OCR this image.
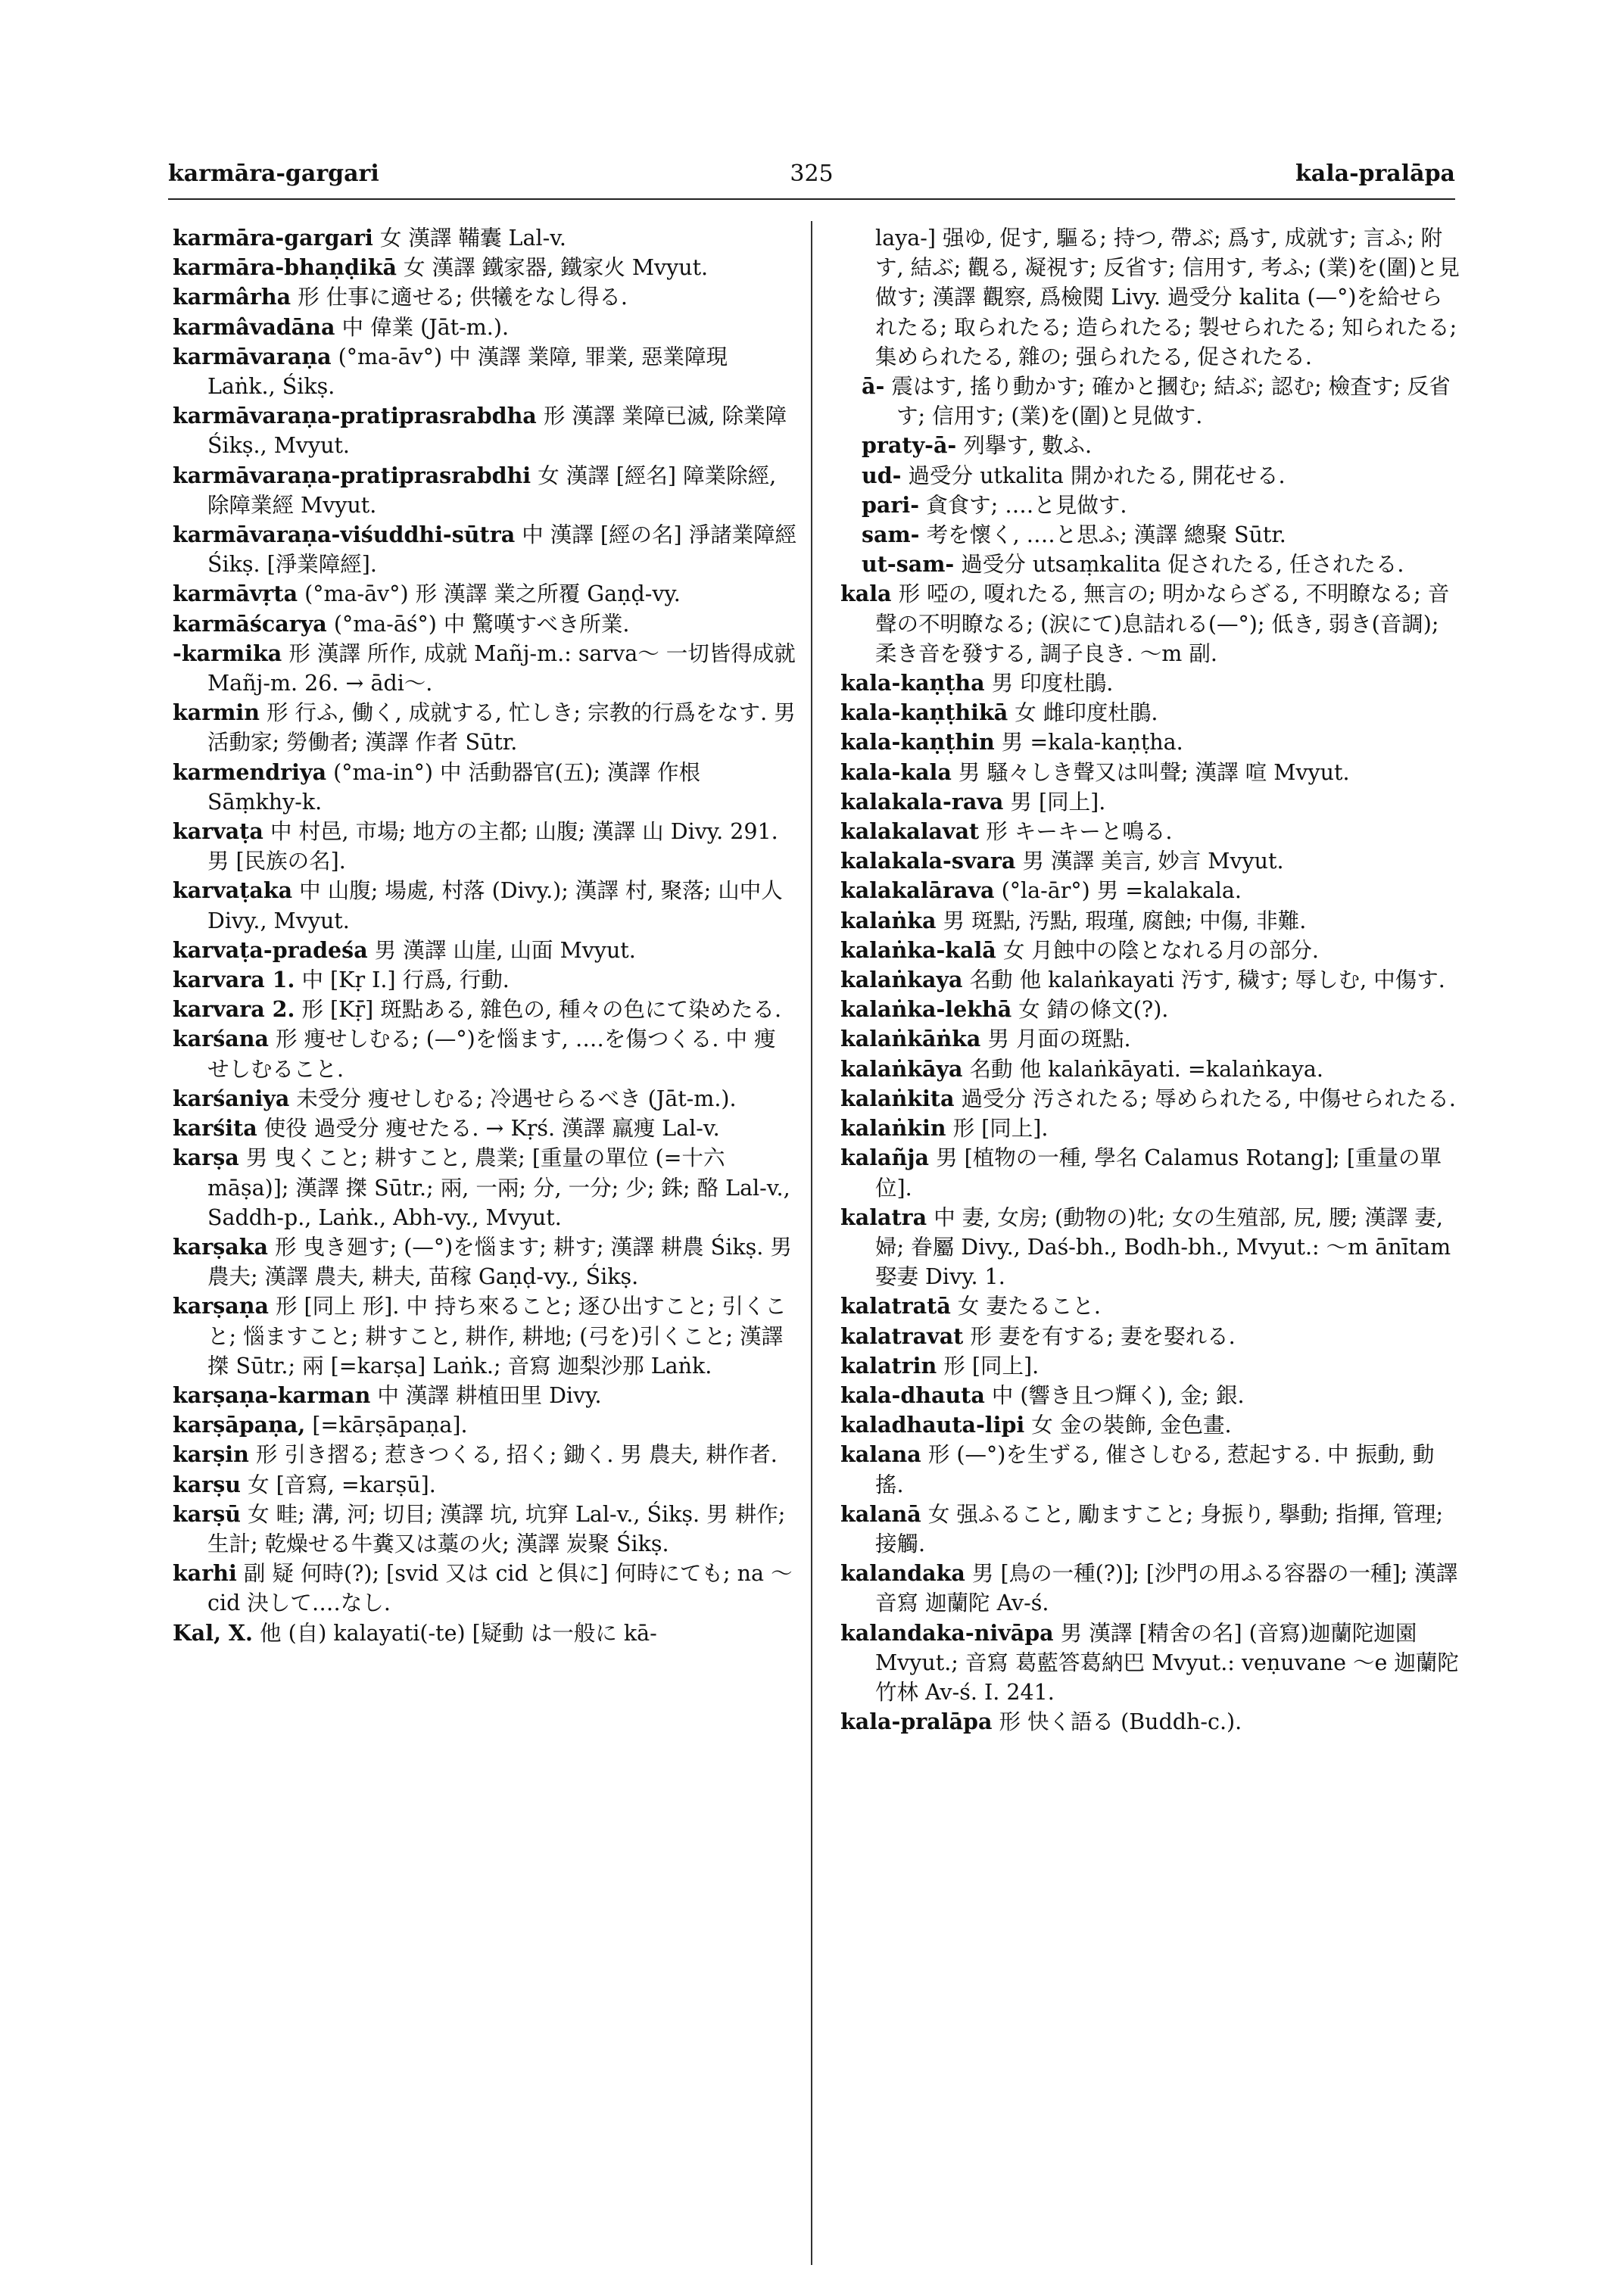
karmāra-gargari	325	kala-pralāpa

karmāra-gargari 女 漢譯 鞴囊 Lal-v.

karmāra-bhaṇḍikā 女 漢譯 鐵家器, 鐵家火 Mvyut.

karmârha 形 仕事に適せる; 供犧をなし得る.

karmâvadāna 中 偉業 (Jāt-m.).

karmāvaraṇa (°ma-āv°) 中 漢譯 業障, 罪業, 惡業障現 Laṅk., Śikṣ.

karmāvaraṇa-pratiprasrabdha 形 漢譯 業障已滅, 除業障 Śikṣ., Mvyut.

karmāvaraṇa-pratiprasrabdhi 女 漢譯 [經名] 障業除經, 除障業經 Mvyut.

karmāvaraṇa-viśuddhi-sūtra 中 漢譯 [經の名] 淨諸業障經 Śikṣ. [淨業障經].

karmāvṛta (°ma-āv°) 形 漢譯 業之所覆 Gaṇḍ-vy.

karmāścarya (°ma-āś°) 中 驚嘆すべき所業.

-karmika 形 漢譯 所作, 成就 Mañj-m.: sarva〜 一切皆得成就 Mañj-m. 26. → ādi〜.

karmin 形 行ふ, 働く, 成就する, 忙しき; 宗教的行爲をなす. 男 活動家; 勞働者; 漢譯 作者 Sūtr.

karmendriya (°ma-in°) 中 活動器官(五); 漢譯 作根 Sāṃkhy-k.

karvaṭa 中 村邑, 市場; 地方の主都; 山腹; 漢譯 山 Divy. 291. 男 [民族の名].

karvaṭaka 中 山腹; 場處, 村落 (Divy.); 漢譯 村, 聚落; 山中人 Divy., Mvyut.

karvaṭa-pradeśa 男 漢譯 山崖, 山面 Mvyut.

karvara 1. 中 [Kṛ I.] 行爲, 行動.

karvara 2. 形 [Kṝ] 斑點ある, 雜色の, 種々の色にて染めたる.

karśana 形 痩せしむる; (—°)を惱ます, ‥‥を傷つくる. 中 痩せしむること.

karśaniya 未受分 痩せしむる; 冷遇せらるべき (Jāt-m.).

karśita 使役 過受分 痩せたる. → Kṛś. 漢譯 羸痩 Lal-v.

karṣa 男 曳くこと; 耕すこと, 農業; [重量の單位 (=十六 māṣa)]; 漢譯 搩 Sūtr.; 兩, 一兩; 分, 一分; 少; 銖; 酪 Lal-v., Saddh-p., Laṅk., Abh-vy., Mvyut.

karṣaka 形 曳き廻す; (—°)を惱ます; 耕す; 漢譯 耕農 Śikṣ. 男 農夫; 漢譯 農夫, 耕夫, 苗稼 Gaṇḍ-vy., Śikṣ.

karṣaṇa 形 [同上 形]. 中 持ち來ること; 逐ひ出すこと; 引くこと; 惱ますこと; 耕すこと, 耕作, 耕地; (弓を)引くこと; 漢譯 搩 Sūtr.; 兩 [=karṣa] Laṅk.; 音寫 迦梨沙那 Laṅk.

karṣaṇa-karman 中 漢譯 耕植田里 Divy.

karṣāpaṇa, [=kārṣāpaṇa].

karṣin 形 引き摺る; 惹きつくる, 招く; 鋤く. 男 農夫, 耕作者.

karṣu 女 [音寫, =karṣū].

karṣū 女 畦; 溝, 河; 切目; 漢譯 坑, 坑穽 Lal-v., Śikṣ. 男 耕作; 生計; 乾燥せる牛糞又は藁の火; 漢譯 炭聚 Śikṣ.

karhi 副 疑 何時(?); [svid 又は cid と俱に] 何時にても; na 〜 cid 決して‥‥なし.

Kal, X. 他 (自) kalayati(-te) [疑動 は一般に kā-

laya-] 强ゆ, 促す, 驅る; 持つ, 帶ぶ; 爲す, 成就す; 言ふ; 附す, 結ぶ; 觀る, 凝視す; 反省す; 信用す, 考ふ; (業)を(圍)と見做す; 漢譯 觀察, 爲檢閱 Livy. 過受分 kalita (—°)を給せられたる; 取られたる; 造られたる; 製せられたる; 知られたる; 集められたる, 雜の; 强られたる, 促されたる.

ā- 震はす, 搖り動かす; 確かと摑む; 結ぶ; 認む; 檢査す; 反省す; 信用す; (業)を(圍)と見做す.

praty-ā- 列擧す, 數ふ.

ud- 過受分 utkalita 開かれたる, 開花せる.

pari- 貪食す; ‥‥と見做す.

sam- 考を懷く, ‥‥と思ふ; 漢譯 總聚 Sūtr.

ut-sam- 過受分 utsaṃkalita 促されたる, 任されたる.

kala 形 啞の, 嗄れたる, 無言の; 明かならざる, 不明瞭なる; 音聲の不明瞭なる; (涙にて)息詰れる(—°); 低き, 弱き(音調); 柔き音を發する, 調子良き. 〜m 副.

kala-kaṇṭha 男 印度杜鵑.

kala-kaṇṭhikā 女 雌印度杜鵑.

kala-kaṇṭhin 男 =kala-kaṇṭha.

kala-kala 男 騷々しき聲又は叫聲; 漢譯 喧 Mvyut.

kalakala-rava 男 [同上].

kalakalavat 形 キーキーと鳴る.

kalakala-svara 男 漢譯 美言, 妙言 Mvyut.

kalakalārava (°la-ār°) 男 =kalakala.

kalaṅka 男 斑點, 汚點, 瑕瑾, 腐蝕; 中傷, 非難.

kalaṅka-kalā 女 月蝕中の陰となれる月の部分.

kalaṅkaya 名動 他 kalaṅkayati 汚す, 穢す; 辱しむ, 中傷す.

kalaṅka-lekhā 女 錆の條文(?).

kalaṅkāṅka 男 月面の斑點.

kalaṅkāya 名動 他 kalaṅkāyati. =kalaṅkaya.

kalaṅkita 過受分 汚されたる; 辱められたる, 中傷せられたる.

kalaṅkin 形 [同上].

kalañja 男 [植物の一種, 學名 Calamus Rotang]; [重量の單位].

kalatra 中 妻, 女房; (動物の)牝; 女の生殖部, 尻, 腰; 漢譯 妻, 婦; 眷屬 Divy., Daś-bh., Bodh-bh., Mvyut.: 〜m ānītam 娶妻 Divy. 1.

kalatratā 女 妻たること.

kalatravat 形 妻を有する; 妻を娶れる.

kalatrin 形 [同上].

kala-dhauta 中 (響き且つ輝く), 金; 銀.

kaladhauta-lipi 女 金の裝飾, 金色畫.

kalana 形 (—°)を生ずる, 催さしむる, 惹起する. 中 振動, 動搖.

kalanā 女 强ふること, 勵ますこと; 身振り, 擧動; 指揮, 管理; 接觸.

kalandaka 男 [鳥の一種(?)]; [沙門の用ふる容器の一種]; 漢譯 音寫 迦蘭陀 Av-ś.

kalandaka-nivāpa 男 漢譯 [精舍の名] (音寫)迦蘭陀迦園 Mvyut.; 音寫 葛藍答葛納巴 Mvyut.: veṇuvane 〜e 迦蘭陀竹林 Av-ś. I. 241.

kala-pralāpa 形 快く語る (Buddh-c.).
